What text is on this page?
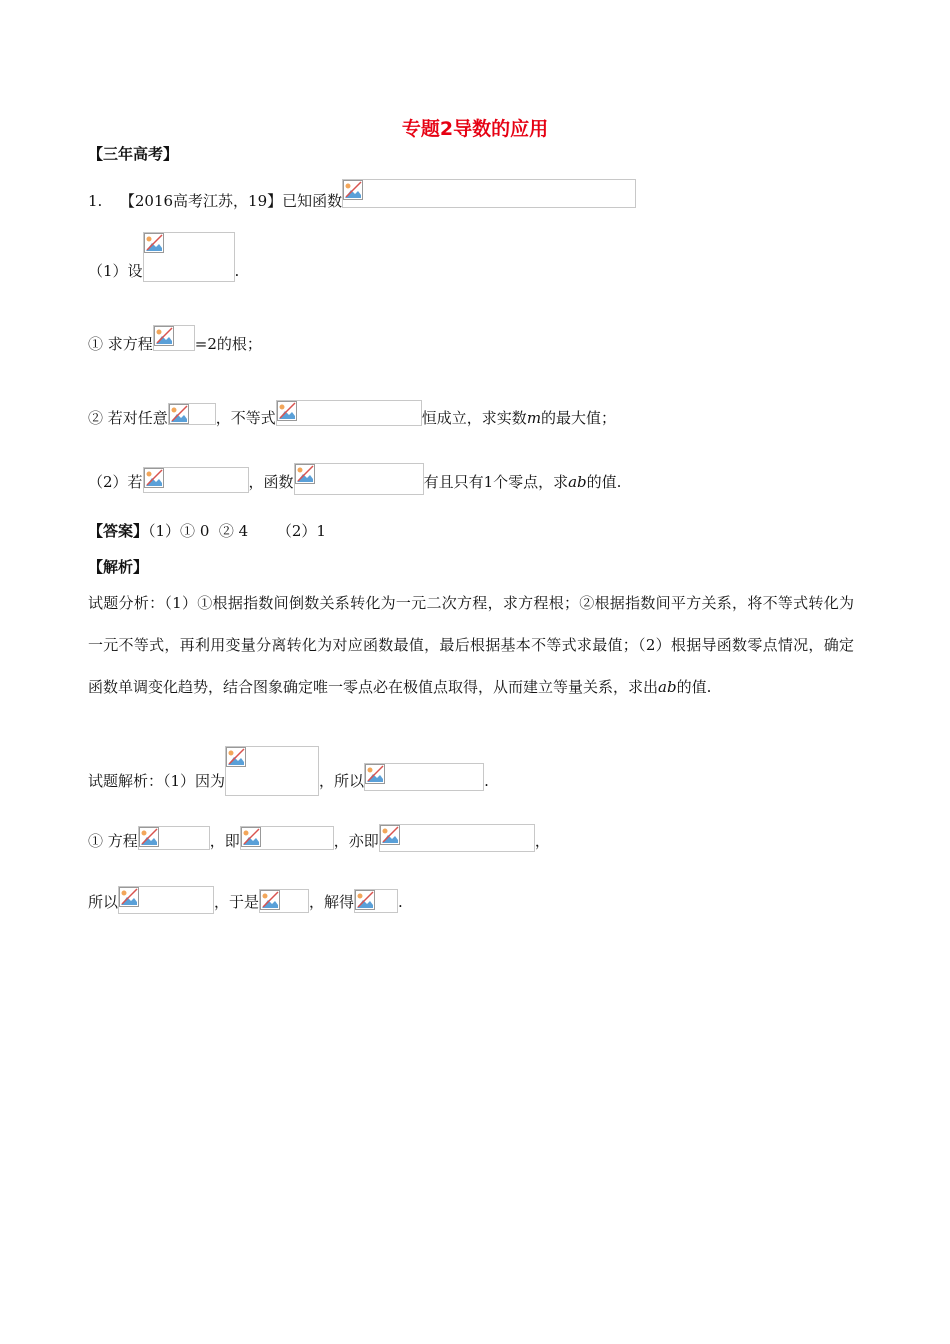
专题2导数的应用
【三年高考】
1. 【2016高考江苏，19】已知函数
（1）设	.
① 求方程	=2的根；
② 若对任意	，不等式	恒成立，求实数m的最大值；
（2）若	，函数	有且只有1个零点，求ab的值.
【答案】（1）① 0  ② 4      （2）1
【解析】
试题分析：（1）①根据指数间倒数关系转化为一元二次方程，求方程根；②根据指数间平方关系，将不等式转化为一元不等式，再利用变量分离转化为对应函数最值，最后根据基本不等式求最值；（2）根据导函数零点情况，确定函数单调变化趋势，结合图象确定唯一零点必在极值点取得，从而建立等量关系，求出ab的值.
试题解析：（1）因为	，所以	.
① 方程	，即	，亦即	，
所以	，于是	，解得	.
